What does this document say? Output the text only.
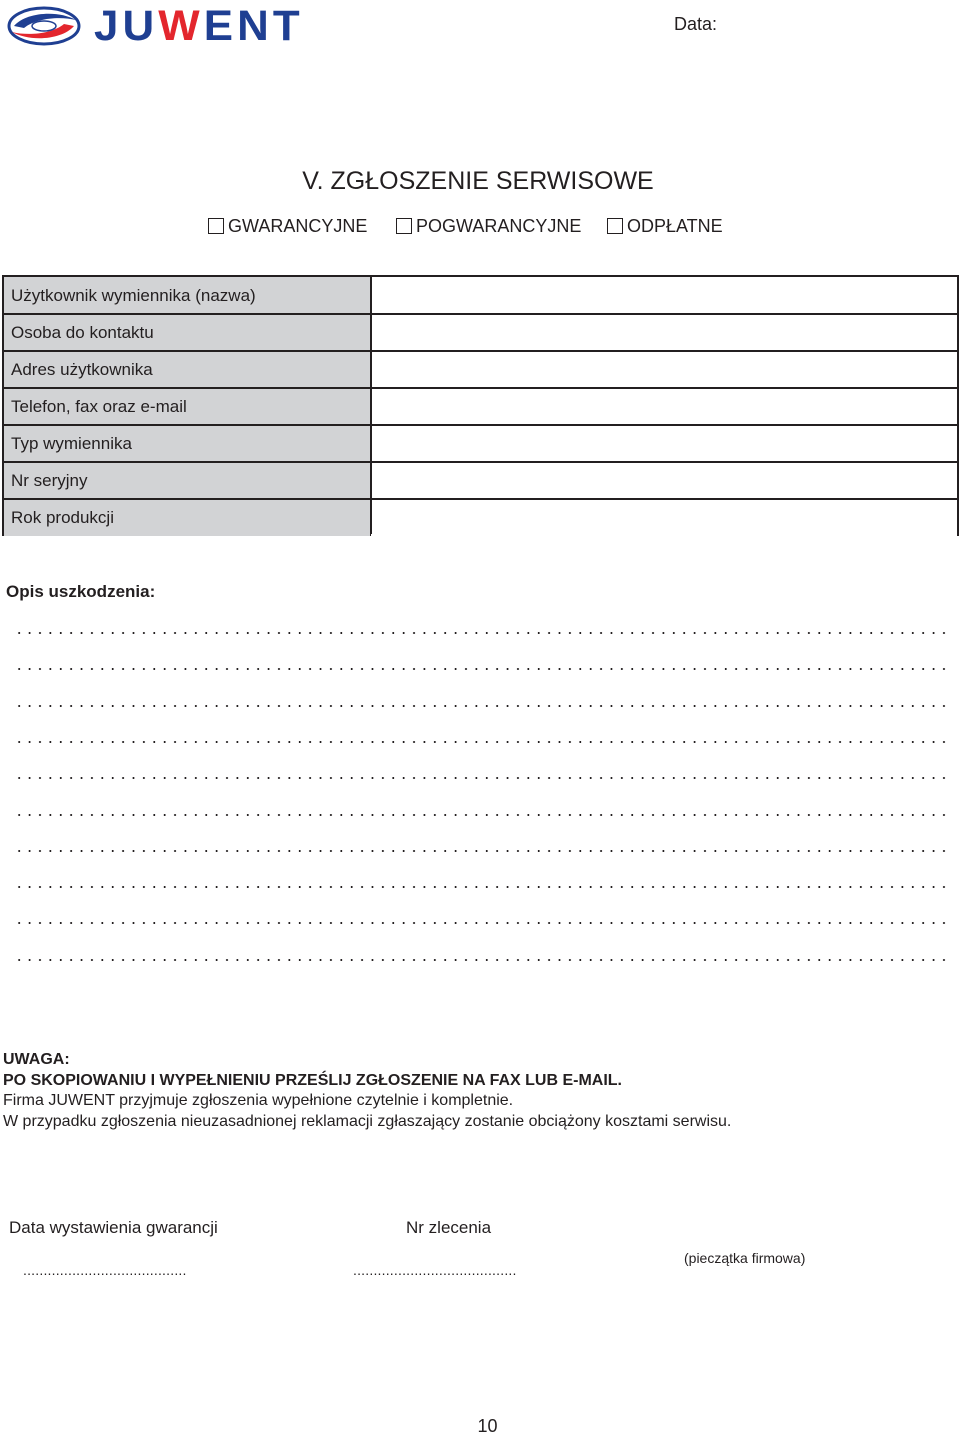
JUWENT	Data:
V. ZGŁOSZENIE SERWISOWE
GWARANCYJNE	POGWARANCYJNE	ODPŁATNE
Użytkownik wymiennika (nazwa)
Osoba do kontaktu
Adres użytkownika
Telefon, fax oraz e-mail
Typ wymiennika
Nr seryjny
Rok produkcji
Opis uszkodzenia:
UWAGA:
PO SKOPIOWANIU I WYPEŁNIENIU PRZEŚLIJ ZGŁOSZENIE NA FAX LUB E-MAIL.
Firma JUWENT przyjmuje zgłoszenia wypełnione czytelnie i kompletnie.
W przypadku zgłoszenia nieuzasadnionej reklamacji zgłaszający zostanie obciążony kosztami serwisu.
Data wystawienia gwarancji	Nr zlecenia
........................................	........................................
(pieczątka firmowa)
10
